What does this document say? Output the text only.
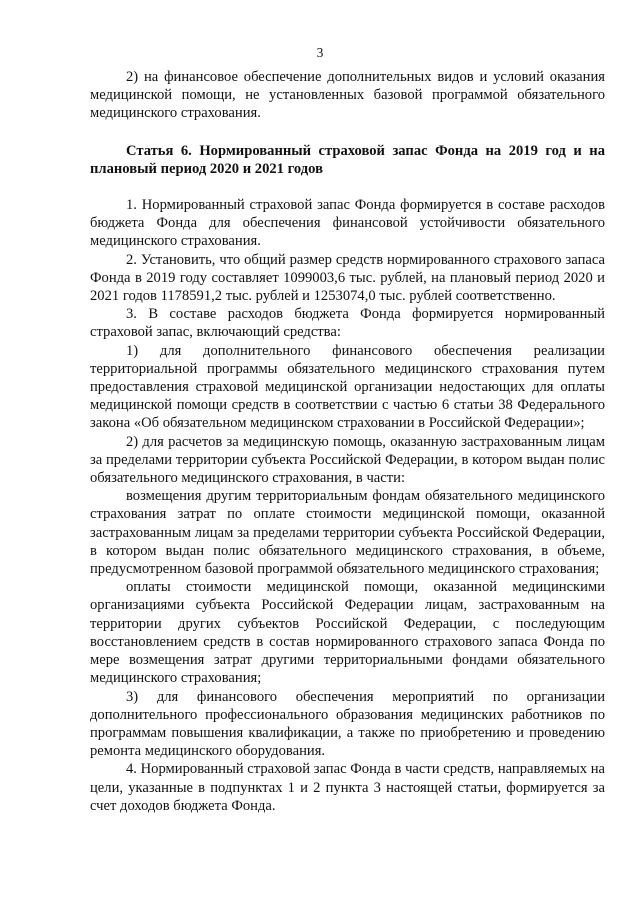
3

2) на финансовое обеспечение дополнительных видов и условий оказания медицинской помощи, не установленных базовой программой обязательного медицинского страхования.

Статья 6. Нормированный страховой запас Фонда на 2019 год и на плановый период 2020 и 2021 годов

1. Нормированный страховой запас Фонда формируется в составе расходов бюджета Фонда для обеспечения финансовой устойчивости обязательного медицинского страхования.

2. Установить, что общий размер средств нормированного страхового запаса Фонда в 2019 году составляет 1099003,6 тыс. рублей, на плановый период 2020 и 2021 годов 1178591,2 тыс. рублей и 1253074,0 тыс. рублей соответственно.

3. В составе расходов бюджета Фонда формируется нормированный страховой запас, включающий средства:

1) для дополнительного финансового обеспечения реализации территориальной программы обязательного медицинского страхования путем предоставления страховой медицинской организации недостающих для оплаты медицинской помощи средств в соответствии с частью 6 статьи 38 Федерального закона «Об обязательном медицинском страховании в Российской Федерации»;

2) для расчетов за медицинскую помощь, оказанную застрахованным лицам за пределами территории субъекта Российской Федерации, в котором выдан полис обязательного медицинского страхования, в части:

возмещения другим территориальным фондам обязательного медицинского страхования затрат по оплате стоимости медицинской помощи, оказанной застрахованным лицам за пределами территории субъекта Российской Федерации, в котором выдан полис обязательного медицинского страхования, в объеме, предусмотренном базовой программой обязательного медицинского страхования;

оплаты стоимости медицинской помощи, оказанной медицинскими организациями субъекта Российской Федерации лицам, застрахованным на территории других субъектов Российской Федерации, с последующим восстановлением средств в состав нормированного страхового запаса Фонда по мере возмещения затрат другими территориальными фондами обязательного медицинского страхования;

3) для финансового обеспечения мероприятий по организации дополнительного профессионального образования медицинских работников по программам повышения квалификации, а также по приобретению и проведению ремонта медицинского оборудования.

4. Нормированный страховой запас Фонда в части средств, направляемых на цели, указанные в подпунктах 1 и 2 пункта 3 настоящей статьи, формируется за счет доходов бюджета Фонда.
